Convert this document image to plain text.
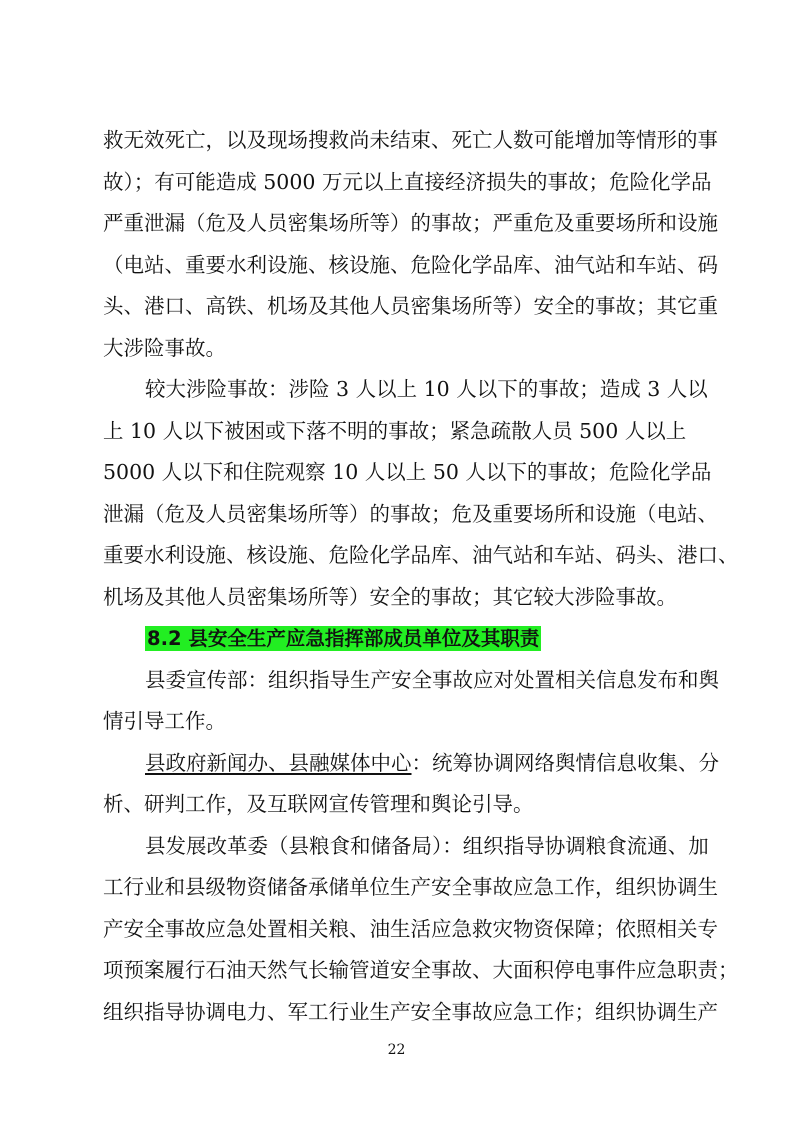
救无效死亡，以及现场搜救尚未结束、死亡人数可能增加等情形的事
故）；有可能造成 5000 万元以上直接经济损失的事故；危险化学品
严重泄漏（危及人员密集场所等）的事故；严重危及重要场所和设施
（电站、重要水利设施、核设施、危险化学品库、油气站和车站、码
头、港口、高铁、机场及其他人员密集场所等）安全的事故；其它重
大涉险事故。
较大涉险事故：涉险 3 人以上 10 人以下的事故；造成 3 人以
上 10 人以下被困或下落不明的事故；紧急疏散人员 500 人以上
5000 人以下和住院观察 10 人以上 50 人以下的事故；危险化学品
泄漏（危及人员密集场所等）的事故；危及重要场所和设施（电站、
重要水利设施、核设施、危险化学品库、油气站和车站、码头、港口、
机场及其他人员密集场所等）安全的事故；其它较大涉险事故。
8.2 县安全生产应急指挥部成员单位及其职责
县委宣传部：组织指导生产安全事故应对处置相关信息发布和舆
情引导工作。
县政府新闻办、县融媒体中心：统筹协调网络舆情信息收集、分
析、研判工作，及互联网宣传管理和舆论引导。
县发展改革委（县粮食和储备局）：组织指导协调粮食流通、加
工行业和县级物资储备承储单位生产安全事故应急工作，组织协调生
产安全事故应急处置相关粮、油生活应急救灾物资保障；依照相关专
项预案履行石油天然气长输管道安全事故、大面积停电事件应急职责；
组织指导协调电力、军工行业生产安全事故应急工作；组织协调生产
22
